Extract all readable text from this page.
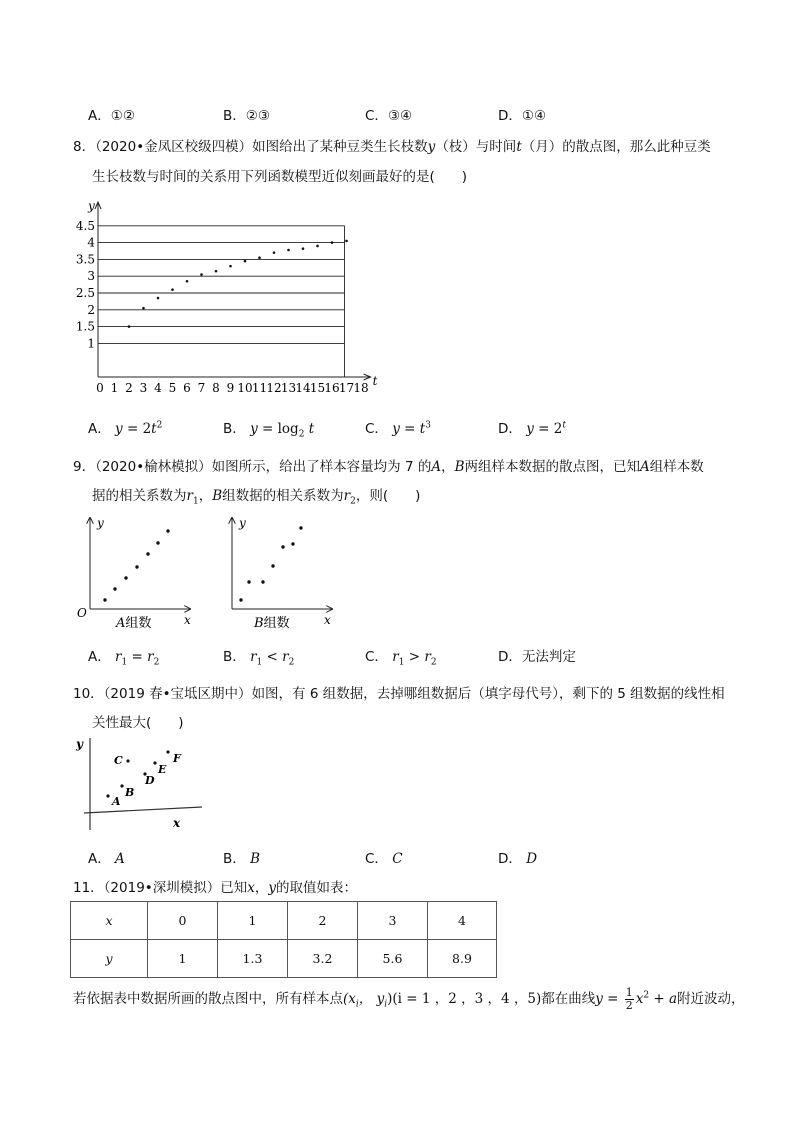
A．①②	B．②③	C．③④	D．①④
8．（2020•金凤区校级四模）如图给出了某种豆类生长枝数y（枝）与时间t（月）的散点图，那么此种豆类
生长枝数与时间的关系用下列函数模型近似刻画最好的是(　　)
4.5
4
3.5
3
2.5
2
1.5
1
0 1 2 3 4 5 6 7 8 9 10 11 12 13 14 15 16 17 18
y
t
A． $y = 2t^2$	B． $y = \log_2 t$	C． $y = t^3$	D． $y = 2^t$
9．（2020•榆林模拟）如图所示，给出了样本容量均为 7 的A，B两组样本数据的散点图，已知A组样本数
据的相关系数为$r_1$，B组数据的相关系数为$r_2$，则(　　)
y
x
O
A组数
y
x
B组数
A． $r_1 = r_2$	B． $r_1 < r_2$	C． $r_1 > r_2$	D．无法判定
10．（2019 春•宝坻区期中）如图，有 6 组数据，去掉哪组数据后（填字母代号），剩下的 5 组数据的线性相
关性最大(　　)
y
x
A
B
C
D
E
F
A． A	B． B	C． C	D． D
11．（2019•深圳模拟）已知x，y的取值如表：
x	0	1	2	3	4
y	1	1.3	3.2	5.6	8.9
若依据表中数据所画的散点图中，所有样本点($x_i$， $y_i)(i = 1$ ，2 ，3 ，4 ，5)都在曲线$y = \frac{1}{2} x^2 + a$附近波动，
